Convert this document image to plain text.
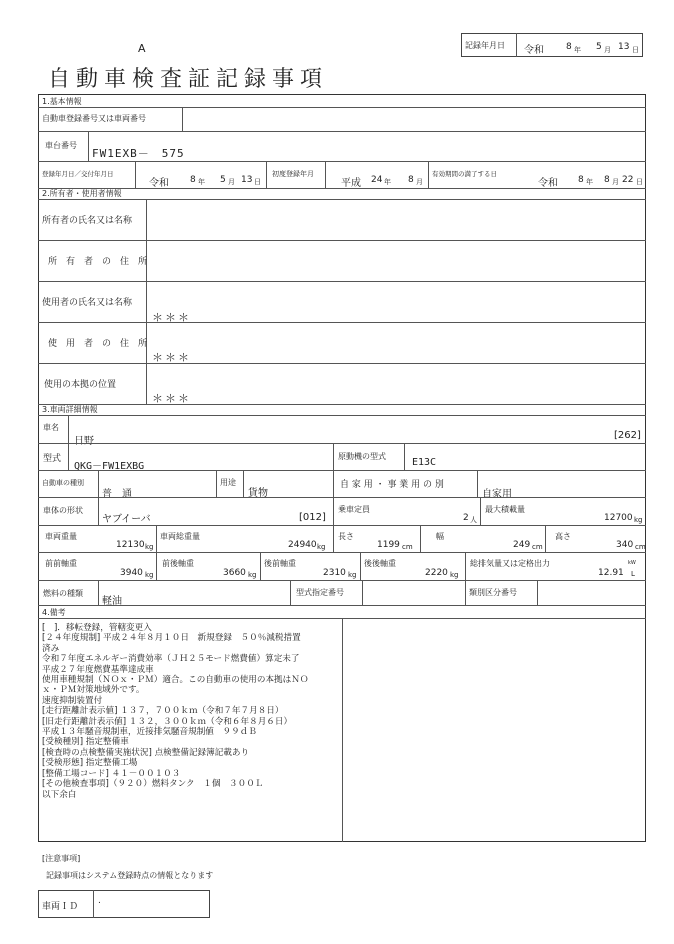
A
自動車検査証記録事項
記録年月日 令和 8 年 5 月 13 日
1.基本情報
自動車登録番号又は車両番号
車台番号
FW1EXB－　575
登録年月日／交付年月日
令和 8 年 5 月 13 日
初度登録年月
平成 24 年 8 月
有効期間の満了する日
令和 8 年 8 月 22 日
2.所有者・使用者情報
所有者の氏名又は名称
所　有　者　の　住　所
使用者の氏名又は名称
＊＊＊
使　用　者　の　住　所
＊＊＊
使用の本拠の位置
＊＊＊
3.車両詳細情報
車名
日野
[262]
型式
QKG－FW1EXBG
原動機の型式
E13C
自動車の種別
普　通
用途
貨物
自 家 用 ・ 事 業 用 の 別
自家用
車体の形状
ヤブイーバ	[012]
乗車定員
2 人
最大積載量
12700 kg
車両重量
12130 kg
車両総重量
24940 kg
長さ
1199 cm
幅
249 cm
高さ
340 cm
前前軸重
3940 kg
前後軸重
3660 kg
後前軸重
2310 kg
後後軸重
2220 kg
総排気量又は定格出力
12.91
kW
L
燃料の種類
軽油
型式指定番号	類別区分番号
4.備考
[　]．移転登録，管轄変更入
[２４年度規制] 平成２４年８月１０日　新規登録　５０％減税措置
済み
令和７年度エネルギー消費効率（ＪＨ２５モード燃費値）算定未了
平成２７年度燃費基準達成車
使用車種規制（ＮＯｘ・ＰＭ）適合。この自動車の使用の本拠はＮＯ
ｘ・ＰＭ対策地域外です。
速度抑制装置付
[走行距離計表示値] １３７，７００ｋｍ（令和７年７月８日）
[旧走行距離計表示値] １３２，３００ｋｍ（令和６年８月６日）
平成１３年騒音規制車，近接排気騒音規制値　９９ｄＢ
[受検種別] 指定整備車
[検査時の点検整備実施状況] 点検整備記録簿記載あり
[受検形態] 指定整備工場
[整備工場コード] ４１－００１０３
[その他検査事項]（９２０）燃料タンク　１個　３００Ｌ
以下余白
[注意事項]
記録事項はシステム登録時点の情報となります
車両ＩＤ
.
